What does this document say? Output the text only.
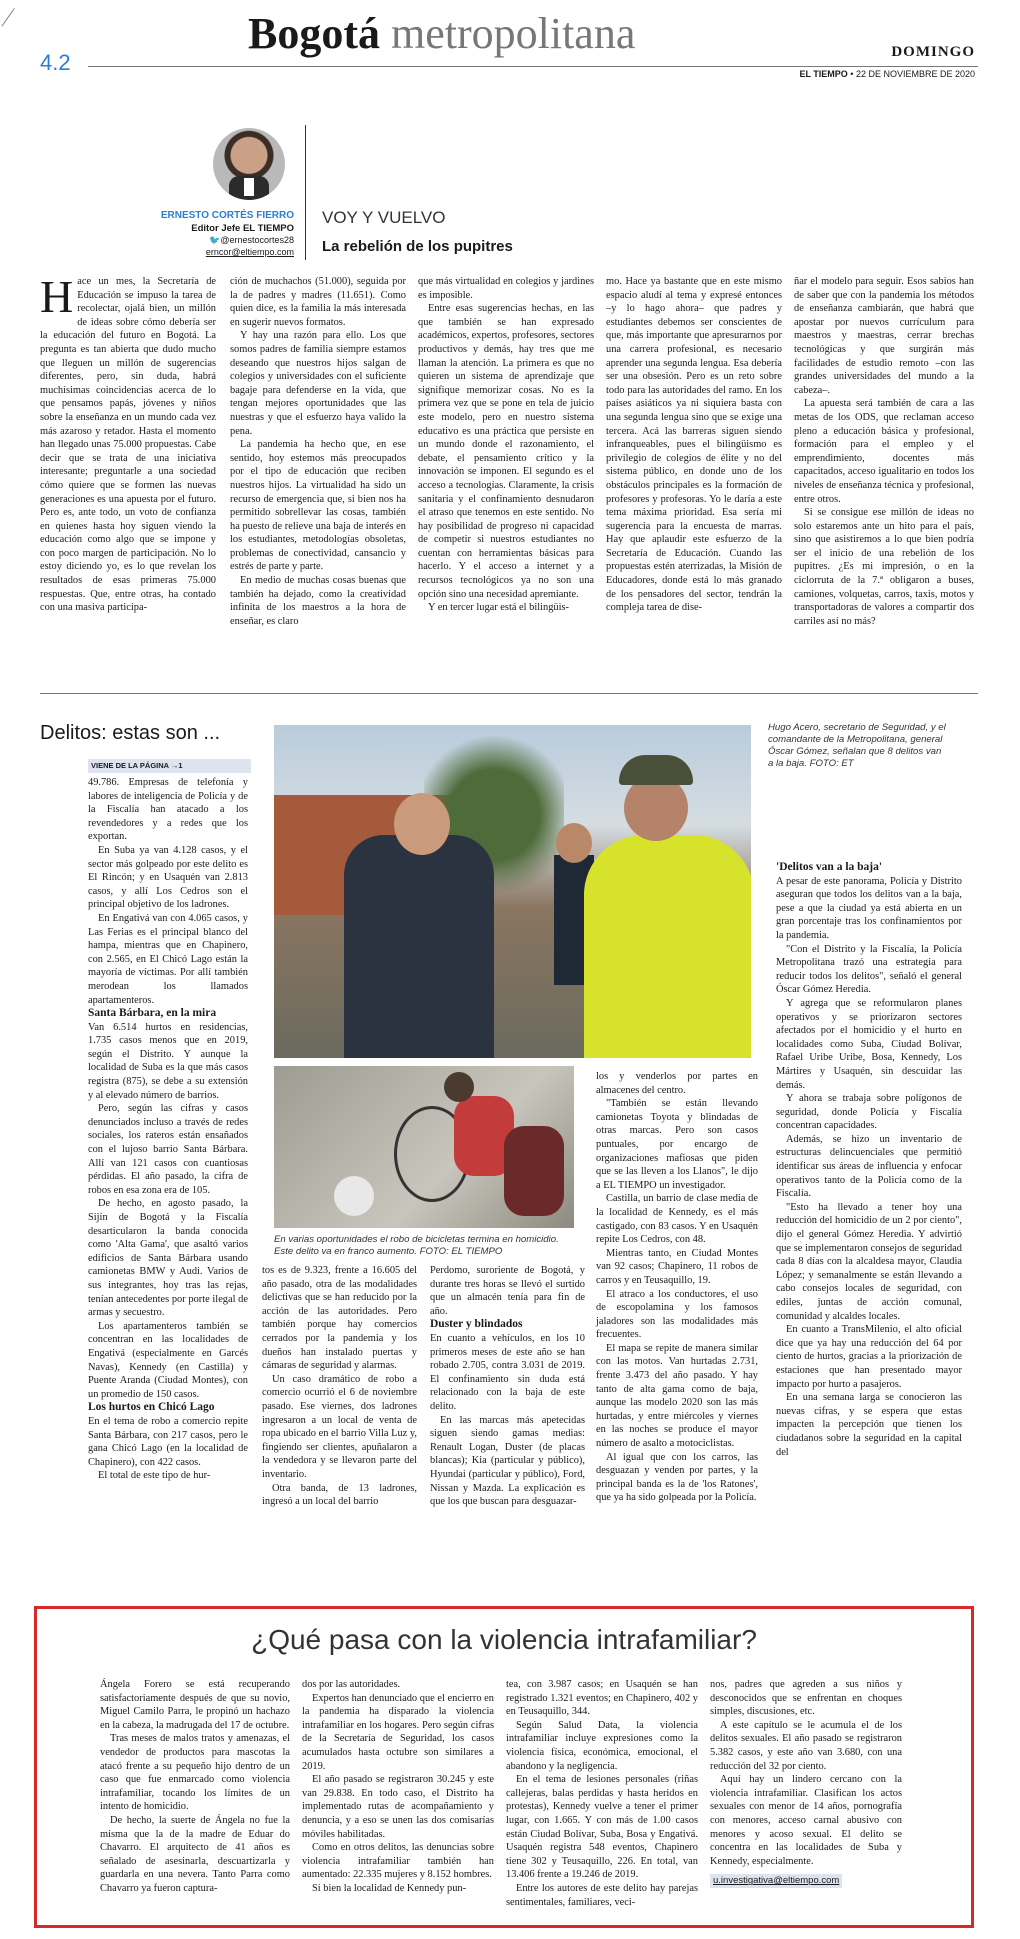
4.2
Bogotá metropolitana	DOMINGO
EL TIEMPO • 22 DE NOVIEMBRE DE 2020
ERNESTO CORTÉS FIERRO
Editor Jefe EL TIEMPO
🐦@ernestocortes28
erncor@eltiempo.com
VOY Y VUELVO
La rebelión de los pupitres
Hace un mes, la Secretaría de Educación se impuso la tarea de recolectar, ojalá bien, un millón de ideas sobre cómo debería ser la educación del futuro en Bogotá. La pregunta es tan abierta que dudo mucho que lleguen un millón de sugerencias diferentes, pero, sin duda, habrá muchísimas coincidencias acerca de lo que pensamos papás, jóvenes y niños sobre la enseñanza en un mundo cada vez más azaroso y retador. Hasta el momento han llegado unas 75.000 propuestas. Cabe decir que se trata de una iniciativa interesante; preguntarle a una sociedad cómo quiere que se formen las nuevas generaciones es una apuesta por el futuro. Pero es, ante todo, un voto de confianza en quienes hasta hoy siguen viendo la educación como algo que se impone y con poco margen de participación. No lo estoy diciendo yo, es lo que revelan los resultados de esas primeras 75.000 respuestas. Que, entre otras, ha contado con una masiva participa-

ción de muchachos (51.000), seguida por la de padres y madres (11.651). Como quien dice, es la familia la más interesada en sugerir nuevos formatos.

Y hay una razón para ello. Los que somos padres de familia siempre estamos deseando que nuestros hijos salgan de colegios y universidades con el suficiente bagaje para defenderse en la vida, que tengan mejores oportunidades que las nuestras y que el esfuerzo haya valido la pena.

La pandemia ha hecho que, en ese sentido, hoy estemos más preocupados por el tipo de educación que reciben nuestros hijos. La virtualidad ha sido un recurso de emergencia que, si bien nos ha permitido sobrellevar las cosas, también ha puesto de relieve una baja de interés en los estudiantes, metodologías obsoletas, problemas de conectividad, cansancio y estrés de parte y parte.

En medio de muchas cosas buenas que también ha dejado, como la creatividad infinita de los maestros a la hora de enseñar, es claro

que más virtualidad en colegios y jardines es imposible.

Entre esas sugerencias hechas, en las que también se han expresado académicos, expertos, profesores, sectores productivos y demás, hay tres que me llaman la atención. La primera es que no quieren un sistema de aprendizaje que signifique memorizar cosas. No es la primera vez que se pone en tela de juicio este modelo, pero en nuestro sistema educativo es una práctica que persiste en un mundo donde el razonamiento, el debate, el pensamiento crítico y la innovación se imponen. El segundo es el acceso a tecnologías. Claramente, la crisis sanitaria y el confinamiento desnudaron el atraso que tenemos en este sentido. No hay posibilidad de progreso ni capacidad de competir si nuestros estudiantes no cuentan con herramientas básicas para hacerlo. Y el acceso a internet y a recursos tecnológicos ya no son una opción sino una necesidad apremiante.

Y en tercer lugar está el bilingüis-

mo. Hace ya bastante que en este mismo espacio aludí al tema y expresé entonces –y lo hago ahora– que padres y estudiantes debemos ser conscientes de que, más importante que apresurarnos por una carrera profesional, es necesario aprender una segunda lengua. Esa debería ser una obsesión. Pero es un reto sobre todo para las autoridades del ramo. En los países asiáticos ya ni siquiera basta con una segunda lengua sino que se exige una tercera. Acá las barreras siguen siendo infranqueables, pues el bilingüismo es privilegio de colegios de élite y no del sistema público, en donde uno de los obstáculos principales es la formación de profesores y profesoras. Yo le daría a este tema máxima prioridad. Esa sería mi sugerencia para la encuesta de marras. Hay que aplaudir este esfuerzo de la Secretaría de Educación. Cuando las propuestas estén aterrizadas, la Misión de Educadores, donde está lo más granado de los pensadores del sector, tendrán la compleja tarea de dise-

ñar el modelo para seguir. Esos sabios han de saber que con la pandemia los métodos de enseñanza cambiarán, que habrá que apostar por nuevos currículum para maestros y maestras, cerrar brechas tecnológicas y que surgirán más facilidades de estudio remoto –con las grandes universidades del mundo a la cabeza–.

La apuesta será también de cara a las metas de los ODS, que reclaman acceso pleno a educación básica y profesional, formación para el empleo y el emprendimiento, docentes más capacitados, acceso igualitario en todos los niveles de enseñanza técnica y profesional, entre otros.

Si se consigue ese millón de ideas no solo estaremos ante un hito para el país, sino que asistiremos a lo que bien podría ser el inicio de una rebelión de los pupitres. ¿Es mi impresión, o en la ciclorruta de la 7.ª obligaron a buses, camiones, volquetas, carros, taxis, motos y transportadoras de valores a compartir dos carriles así no más?

Delitos: estas son ...
VIENE DE LA PÁGINA →1

49.786. Empresas de telefonía y labores de inteligencia de Policía y de la Fiscalía han atacado a los revendedores y a redes que los exportan.

En Suba ya van 4.128 casos, y el sector más golpeado por este delito es El Rincón; y en Usaquén van 2.813 casos, y allí Los Cedros son el principal objetivo de los ladrones.

En Engativá van con 4.065 casos, y Las Ferias es el principal blanco del hampa, mientras que en Chapinero, con 2.565, en El Chicó Lago están la mayoría de víctimas. Por allí también merodean los llamados apartamenteros.

Santa Bárbara, en la mira

Van 6.514 hurtos en residencias, 1.735 casos menos que en 2019, según el Distrito. Y aunque la localidad de Suba es la que más casos registra (875), se debe a su extensión y al elevado número de barrios.

Pero, según las cifras y casos denunciados incluso a través de redes sociales, los rateros están ensañados con el lujoso barrio Santa Bárbara. Allí van 121 casos con cuantiosas pérdidas. El año pasado, la cifra de robos en esa zona era de 105.

De hecho, en agosto pasado, la Sijín de Bogotá y la Fiscalía desarticularon la banda conocida como 'Alta Gama', que asaltó varios edificios de Santa Bárbara usando camionetas BMW y Audi. Varios de sus integrantes, hoy tras las rejas, tenían antecedentes por porte ilegal de armas y secuestro.

Los apartamenteros también se concentran en las localidades de Engativá (especialmente en Garcés Navas), Kennedy (en Castilla) y Puente Aranda (Ciudad Montes), con un promedio de 150 casos.

Los hurtos en Chicó Lago

En el tema de robo a comercio repite Santa Bárbara, con 217 casos, pero le gana Chicó Lago (en la localidad de Chapinero), con 422 casos.

El total de este tipo de hur-

Hugo Acero, secretario de Seguridad, y el comandante de la Metropolitana, general Óscar Gómez, señalan que 8 delitos van a la baja. FOTO: ET
En varias oportunidades el robo de bicicletas termina en homicidio. Este delito va en franco aumento. FOTO: EL TIEMPO

tos es de 9.323, frente a 16.605 del año pasado, otra de las modalidades delictivas que se han reducido por la acción de las autoridades. Pero también porque hay comercios cerrados por la pandemia y los dueños han instalado puertas y cámaras de seguridad y alarmas.

Un caso dramático de robo a comercio ocurrió el 6 de noviembre pasado. Ese viernes, dos ladrones ingresaron a un local de venta de ropa ubicado en el barrio Villa Luz y, fingiendo ser clientes, apuñalaron a la vendedora y se llevaron parte del inventario.

Otra banda, de 13 ladrones, ingresó a un local del barrio

Perdomo, suroriente de Bogotá, y durante tres horas se llevó el surtido que un almacén tenía para fin de año.

Duster y blindados

En cuanto a vehículos, en los 10 primeros meses de este año se han robado 2.705, contra 3.031 de 2019. El confinamiento sin duda está relacionado con la baja de este delito.

En las marcas más apetecidas siguen siendo gamas medias: Renault Logan, Duster (de placas blancas); Kia (particular y público), Hyundai (particular y público), Ford, Nissan y Mazda. La explicación es que los que buscan para desguazar-

los y venderlos por partes en almacenes del centro.

"También se están llevando camionetas Toyota y blindadas de otras marcas. Pero son casos puntuales, por encargo de organizaciones mafiosas que piden que se las lleven a los Llanos", le dijo a EL TIEMPO un investigador.

Castilla, un barrio de clase media de la localidad de Kennedy, es el más castigado, con 83 casos. Y en Usaquén repite Los Cedros, con 48.

Mientras tanto, en Ciudad Montes van 92 casos; Chapinero, 11 robos de carros y en Teusaquillo, 19.

El atraco a los conductores, el uso de escopolamina y los famosos jaladores son las modalidades más frecuentes.

El mapa se repite de manera similar con las motos. Van hurtadas 2.731, frente 3.473 del año pasado. Y hay tanto de alta gama como de baja, aunque las modelo 2020 son las más hurtadas, y entre miércoles y viernes en las noches se produce el mayor número de asalto a motociclistas.

Al igual que con los carros, las desguazan y venden por partes, y la principal banda es la de 'los Ratones', que ya ha sido golpeada por la Policía.

'Delitos van a la baja'

A pesar de este panorama, Policía y Distrito aseguran que todos los delitos van a la baja, pese a que la ciudad ya está abierta en un gran porcentaje tras los confinamientos por la pandemia.

"Con el Distrito y la Fiscalía, la Policía Metropolitana trazó una estrategia para reducir todos los delitos", señaló el general Óscar Gómez Heredia.

Y agrega que se reformularon planes operativos y se priorizaron sectores afectados por el homicidio y el hurto en localidades como Suba, Ciudad Bolívar, Rafael Uribe Uribe, Bosa, Kennedy, Los Mártires y Usaquén, sin descuidar las demás.

Y ahora se trabaja sobre polígonos de seguridad, donde Policía y Fiscalía concentran capacidades.

Además, se hizo un inventario de estructuras delincuenciales que permitió identificar sus áreas de influencia y enfocar operativos tanto de la Policía como de la Fiscalía.

"Esto ha llevado a tener hoy una reducción del homicidio de un 2 por ciento", dijo el general Gómez Heredia. Y advirtió que se implementaron consejos de seguridad cada 8 días con la alcaldesa mayor, Claudia López; y semanalmente se están llevando a cabo consejos locales de seguridad, con ediles, juntas de acción comunal, comunidad y alcaldes locales.

En cuanto a TransMilenio, el alto oficial dice que ya hay una reducción del 64 por ciento de hurtos, gracias a la priorización de estaciones que han presentado mayor impacto por hurto a pasajeros.

En una semana larga se conocieron las nuevas cifras, y se espera que estas impacten la percepción que tienen los ciudadanos sobre la seguridad en la capital del

¿Qué pasa con la violencia intrafamiliar?

Ángela Forero se está recuperando satisfactoriamente después de que su novio, Miguel Camilo Parra, le propinó un hachazo en la cabeza, la madrugada del 17 de octubre.

Tras meses de malos tratos y amenazas, el vendedor de productos para mascotas la atacó frente a su pequeño hijo dentro de un caso que fue enmarcado como violencia intrafamiliar, tocando los límites de un intento de homicidio.

De hecho, la suerte de Ángela no fue la misma que la de la madre de Eduar do Chavarro. El arquitecto de 41 años es señalado de asesinarla, descuartizarla y guardarla en una nevera. Tanto Parra como Chavarro ya fueron captura-

dos por las autoridades.

Expertos han denunciado que el encierro en la pandemia ha disparado la violencia intrafamiliar en los hogares. Pero según cifras de la Secretaría de Seguridad, los casos acumulados hasta octubre son similares a 2019.

El año pasado se registraron 30.245 y este van 29.838. En todo caso, el Distrito ha implementado rutas de acompañamiento y denuncia, y a eso se unen las dos comisarías móviles habilitadas.

Como en otros delitos, las denuncias sobre violencia intrafamiliar también han aumentado: 22.335 mujeres y 8.152 hombres.

Si bien la localidad de Kennedy pun-

tea, con 3.987 casos; en Usaquén se han registrado 1.321 eventos; en Chapinero, 402 y en Teusaquillo, 344.

Según Salud Data, la violencia intrafamiliar incluye expresiones como la violencia física, económica, emocional, el abandono y la negligencia.

En el tema de lesiones personales (riñas callejeras, balas perdidas y hasta heridos en protestas), Kennedy vuelve a tener el primer lugar, con 1.665. Y con más de 1.00 casos están Ciudad Bolívar, Suba, Bosa y Engativá. Usaquén registra 548 eventos, Chapinero tiene 302 y Teusaquillo, 226. En total, van 13.406 frente a 19.246 de 2019.

Entre los autores de este delito hay parejas sentimentales, familiares, veci-

nos, padres que agreden a sus niños y desconocidos que se enfrentan en choques simples, discusiones, etc.

A este capítulo se le acumula el de los delitos sexuales. El año pasado se registraron 5.382 casos, y este año van 3.680, con una reducción del 32 por ciento.

Aquí hay un lindero cercano con la violencia intrafamiliar. Clasifican los actos sexuales con menor de 14 años, pornografía con menores, acceso carnal abusivo con menores y acoso sexual. El delito se concentra en las localidades de Suba y Kennedy, especialmente.

u.investigativa@eltiempo.com
